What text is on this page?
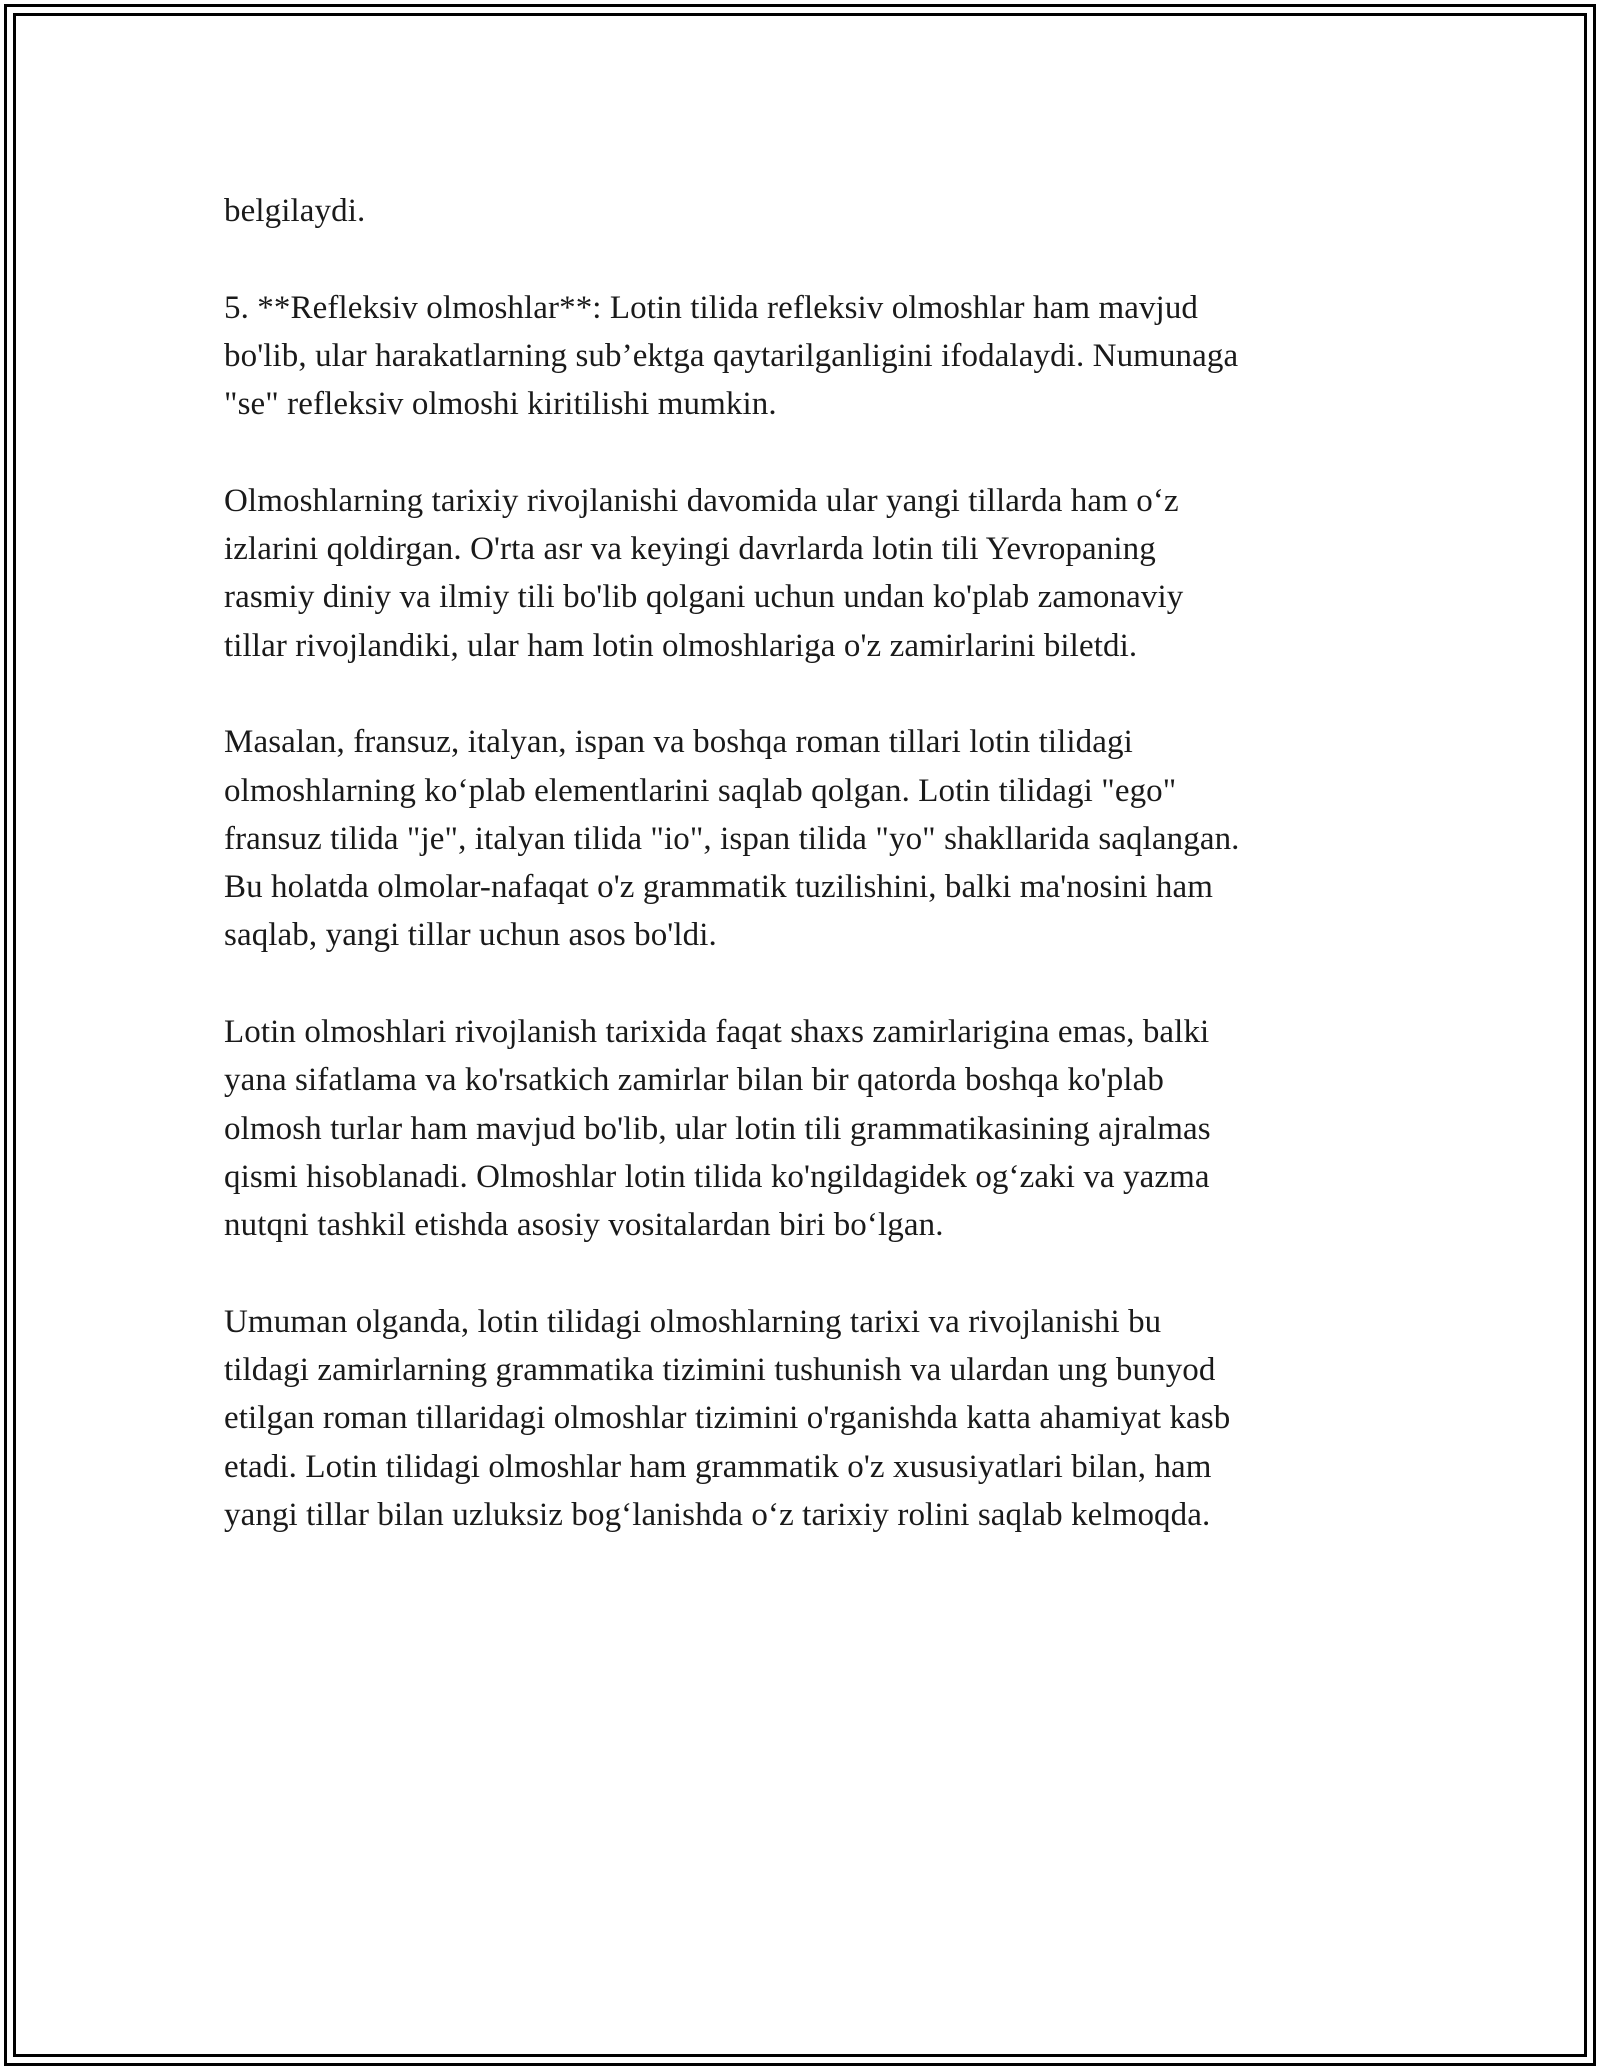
belgilaydi.

5. **Refleksiv olmoshlar**: Lotin tilida refleksiv olmoshlar ham mavjud
bo'lib, ular harakatlarning sub’ektga qaytarilganligini ifodalaydi. Numunaga
"se" refleksiv olmoshi kiritilishi mumkin.

Olmoshlarning tarixiy rivojlanishi davomida ular yangi tillarda ham o‘z
izlarini qoldirgan. O'rta asr va keyingi davrlarda lotin tili Yevropaning
rasmiy diniy va ilmiy tili bo'lib qolgani uchun undan ko'plab zamonaviy
tillar rivojlandiki, ular ham lotin olmoshlariga o'z zamirlarini biletdi.

Masalan, fransuz, italyan, ispan va boshqa roman tillari lotin tilidagi
olmoshlarning ko‘plab elementlarini saqlab qolgan. Lotin tilidagi "ego"
fransuz tilida "je", italyan tilida "io", ispan tilida "yo" shakllarida saqlangan.
Bu holatda olmolar-nafaqat o'z grammatik tuzilishini, balki ma'nosini ham
saqlab, yangi tillar uchun asos bo'ldi.

Lotin olmoshlari rivojlanish tarixida faqat shaxs zamirlarigina emas, balki
yana sifatlama va ko'rsatkich zamirlar bilan bir qatorda boshqa ko'plab
olmosh turlar ham mavjud bo'lib, ular lotin tili grammatikasining ajralmas
qismi hisoblanadi. Olmoshlar lotin tilida ko'ngildagidek og‘zaki va yazma
nutqni tashkil etishda asosiy vositalardan biri bo‘lgan.

Umuman olganda, lotin tilidagi olmoshlarning tarixi va rivojlanishi bu
tildagi zamirlarning grammatika tizimini tushunish va ulardan ung bunyod
etilgan roman tillaridagi olmoshlar tizimini o'rganishda katta ahamiyat kasb
etadi. Lotin tilidagi olmoshlar ham grammatik o'z xususiyatlari bilan, ham
yangi tillar bilan uzluksiz bog‘lanishda o‘z tarixiy rolini saqlab kelmoqda.
